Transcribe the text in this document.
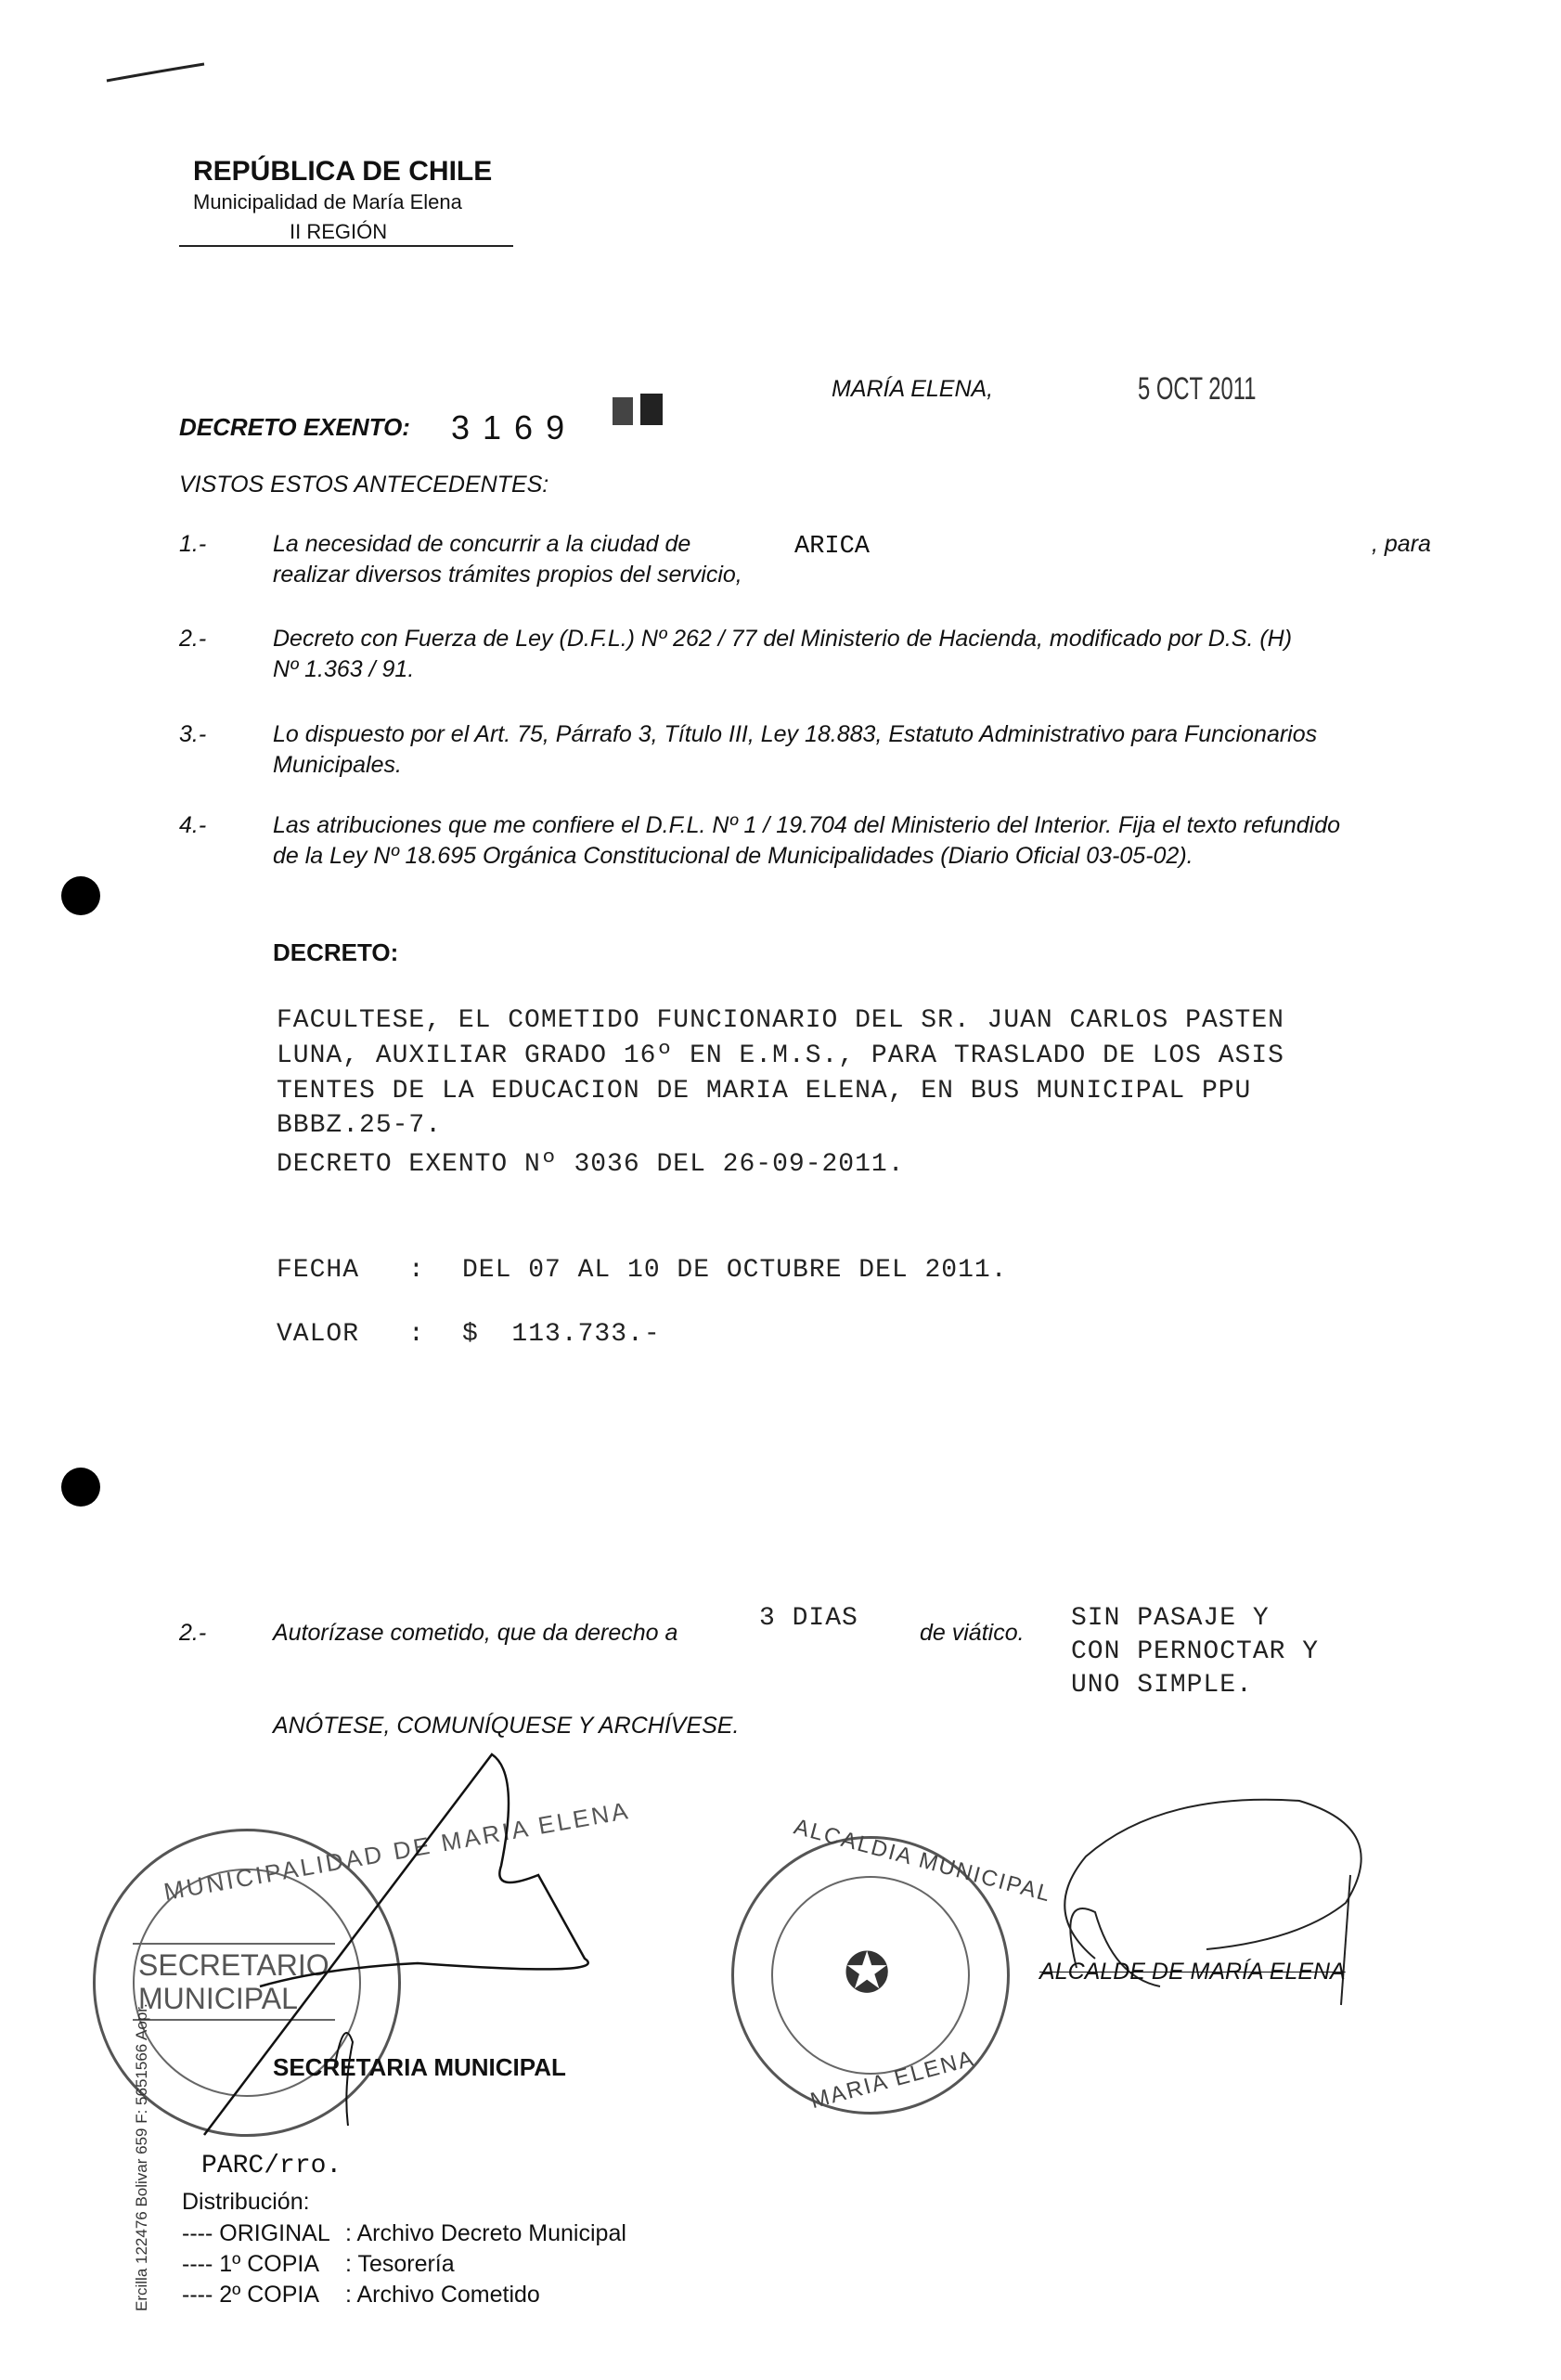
REPÚBLICA DE CHILE
Municipalidad de María Elena
II REGIÓN
DECRETO EXENTO: 3 1 6 9
MARÍA ELENA,	5 OCT 2011
VISTOS ESTOS ANTECEDENTES:
1.-	La necesidad de concurrir a la ciudad de	ARICA	, para
realizar diversos trámites propios del servicio,
2.-	Decreto con Fuerza de Ley (D.F.L.) Nº 262 / 77 del Ministerio de Hacienda, modificado por D.S. (H)
Nº 1.363 / 91.
3.-	Lo dispuesto por el Art. 75, Párrafo 3, Título III, Ley 18.883, Estatuto Administrativo para Funcionarios
Municipales.
4.-	Las atribuciones que me confiere el D.F.L. Nº 1 / 19.704 del Ministerio del Interior. Fija el texto refundido
de la Ley Nº 18.695 Orgánica Constitucional de Municipalidades (Diario Oficial 03-05-02).
DECRETO:
FACULTESE, EL COMETIDO FUNCIONARIO DEL SR. JUAN CARLOS PASTEN
LUNA, AUXILIAR GRADO 16º EN E.M.S., PARA TRASLADO DE LOS ASIS
TENTES DE LA EDUCACION DE MARIA ELENA, EN BUS MUNICIPAL PPU
BBBZ.25-7.
DECRETO EXENTO Nº 3036 DEL 26-09-2011.
FECHA : DEL 07 AL 10 DE OCTUBRE DEL 2011.
VALOR : $  113.733.-
2.-	Autorízase cometido, que da derecho a	3 DIAS	de viático. SIN PASAJE Y
CON PERNOCTAR Y
UNO SIMPLE.
ANÓTESE, COMUNÍQUESE Y ARCHÍVESE.
SECRETARIO
MUNICIPAL
MUNICIPALIDAD DE MARIA ELENA	ALCALDIA MUNICIPAL
MARIA ELENA
✪
SECRETARIA MUNICIPAL
ALCALDE DE MARÍA ELENA
PARC/rro.
Distribución:
---- ORIGINAL : Archivo Decreto Municipal
---- 1º COPIA : Tesorería
---- 2º COPIA : Archivo Cometido
Ercilla 122476 Bolivar 659 F: 5651566 Aopr.
